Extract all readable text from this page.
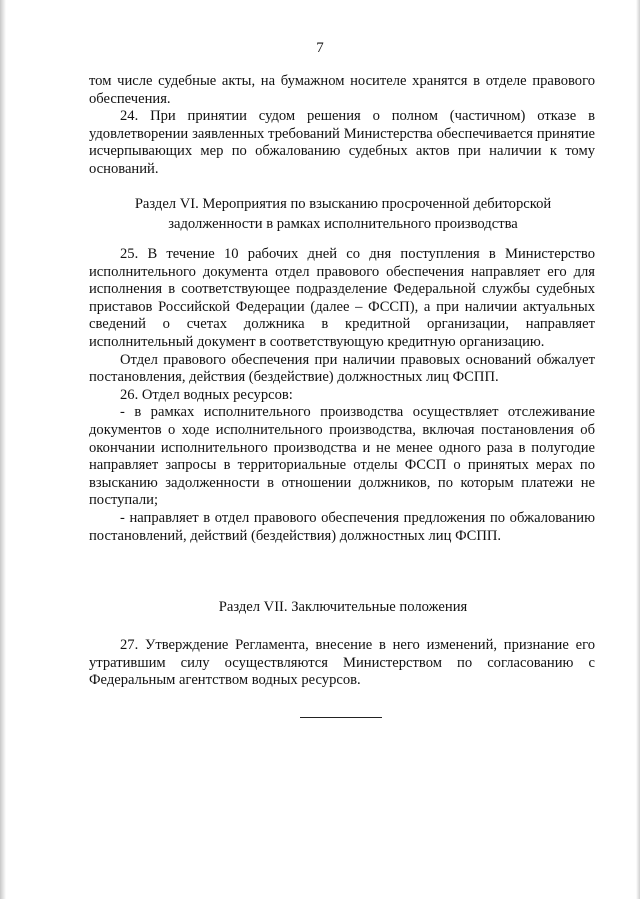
7

том числе судебные акты, на бумажном носителе хранятся в отделе правового обеспечения.

24. При принятии судом решения о полном (частичном) отказе в удовлетворении заявленных требований Министерства обеспечивается принятие исчерпывающих мер по обжалованию судебных актов при наличии к тому оснований.

Раздел VI. Мероприятия по взысканию просроченной дебиторской
задолженности в рамках исполнительного производства

25. В течение 10 рабочих дней со дня поступления в Министерство исполнительного документа отдел правового обеспечения направляет его для исполнения в соответствующее подразделение Федеральной службы судебных приставов Российской Федерации (далее – ФССП), а при наличии актуальных сведений о счетах должника в кредитной организации, направляет исполнительный документ в соответствующую кредитную организацию.

Отдел правового обеспечения при наличии правовых оснований обжалует постановления, действия (бездействие) должностных лиц ФСПП.

26. Отдел водных ресурсов:

- в рамках исполнительного производства осуществляет отслеживание документов о ходе исполнительного производства, включая постановления об окончании исполнительного производства и не менее одного раза в полугодие направляет запросы в территориальные отделы ФССП о принятых мерах по взысканию задолженности в отношении должников, по которым платежи не поступали;

- направляет в отдел правового обеспечения предложения по обжалованию постановлений, действий (бездействия) должностных лиц ФСПП.

Раздел VII. Заключительные положения

27. Утверждение Регламента, внесение в него изменений, признание его утратившим силу осуществляются Министерством по согласованию с Федеральным агентством водных ресурсов.
